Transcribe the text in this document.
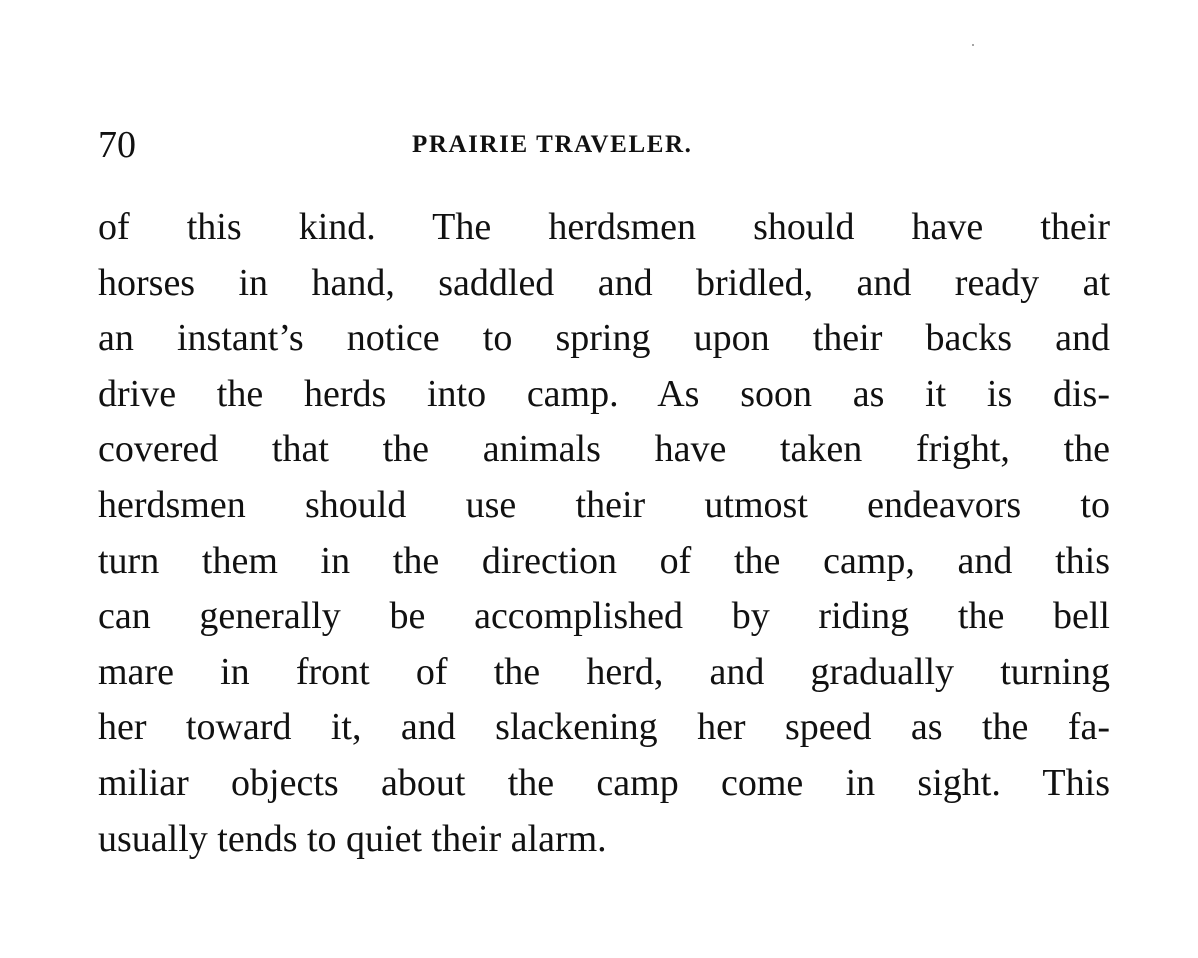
70	PRAIRIE TRAVELER.
of this kind. The herdsmen should have their
horses in hand, saddled and bridled, and ready at
an instant’s notice to spring upon their backs and
drive the herds into camp. As soon as it is dis-
covered that the animals have taken fright, the
herdsmen should use their utmost endeavors to
turn them in the direction of the camp, and this
can generally be accomplished by riding the bell
mare in front of the herd, and gradually turning
her toward it, and slackening her speed as the fa-
miliar objects about the camp come in sight. This
usually tends to quiet their alarm.
